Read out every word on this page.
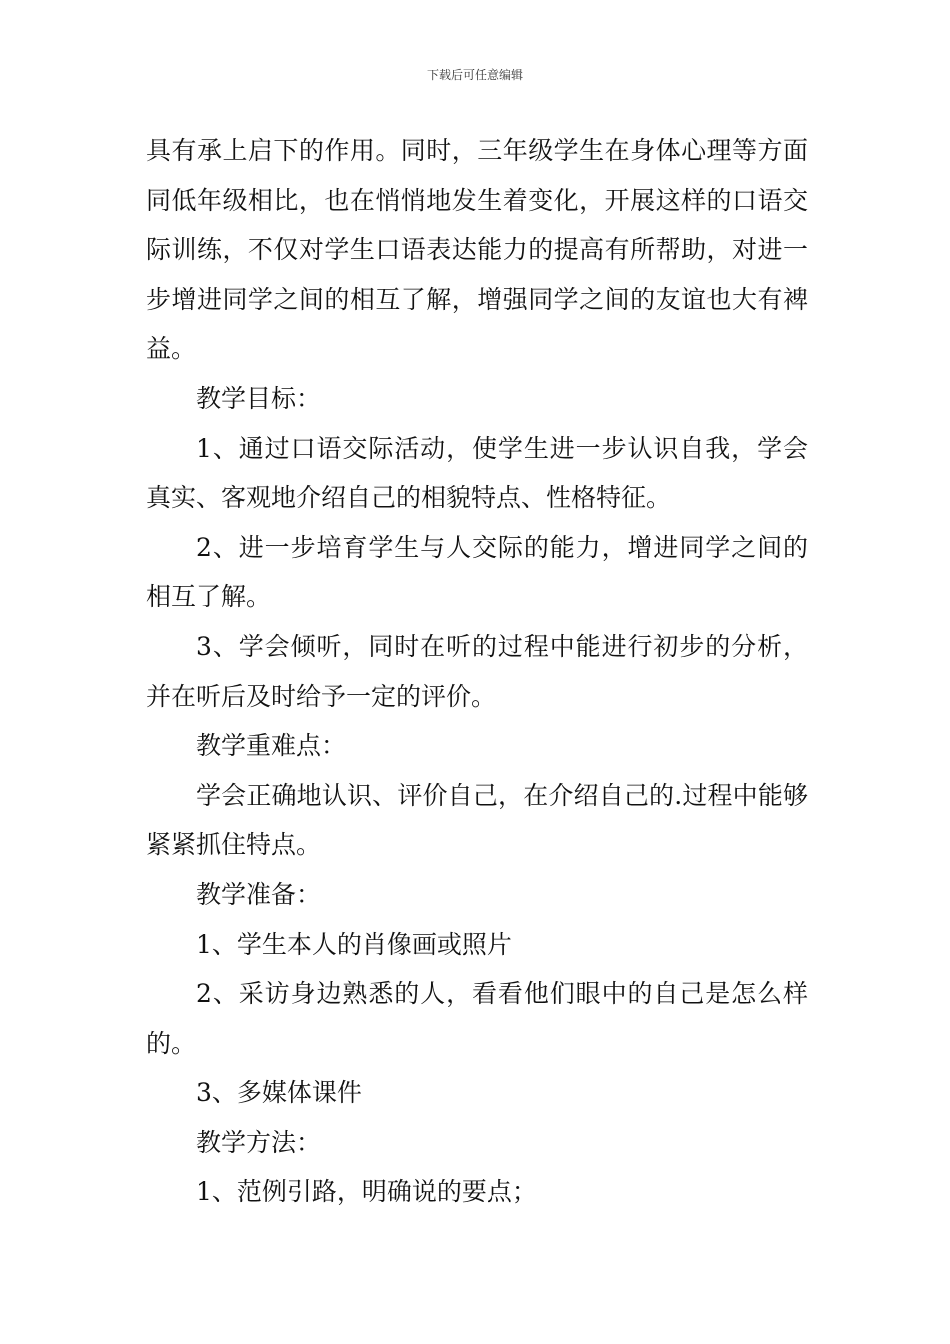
下载后可任意编辑

具有承上启下的作用。同时，三年级学生在身体心理等方面同低年级相比，也在悄悄地发生着变化，开展这样的口语交际训练，不仅对学生口语表达能力的提高有所帮助，对进一步增进同学之间的相互了解，增强同学之间的友谊也大有裨益。

教学目标：

1、通过口语交际活动，使学生进一步认识自我，学会真实、客观地介绍自己的相貌特点、性格特征。

2、进一步培育学生与人交际的能力，增进同学之间的相互了解。

3、学会倾听，同时在听的过程中能进行初步的分析，并在听后及时给予一定的评价。

教学重难点：

学会正确地认识、评价自己，在介绍自己的.过程中能够紧紧抓住特点。

教学准备：

1、学生本人的肖像画或照片

2、采访身边熟悉的人，看看他们眼中的自己是怎么样的。

3、多媒体课件

教学方法：

1、范例引路，明确说的要点；
